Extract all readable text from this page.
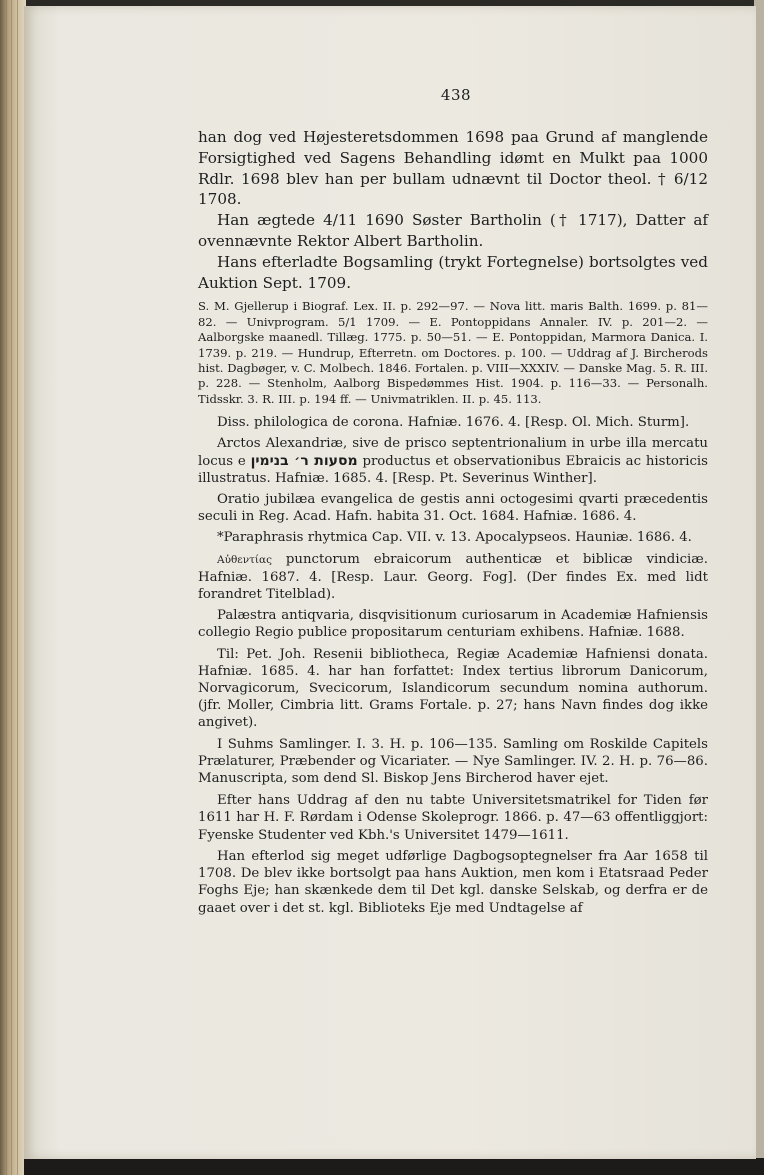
438

han dog ved Højesteretsdommen 1698 paa Grund af manglende Forsigtighed ved Sagens Behandling idømt en Mulkt paa 1000 Rdlr. 1698 blev han per bullam udnævnt til Doctor theol. † 6/12 1708.

Han ægtede 4/11 1690 Søster Bartholin († 1717), Datter af ovennævnte Rektor Albert Bartholin.

Hans efterladte Bogsamling (trykt Fortegnelse) bortsolgtes ved Auktion Sept. 1709.

S. M. Gjellerup i Biograf. Lex. II. p. 292—97. — Nova litt. maris Balth. 1699. p. 81—82. — Univprogram. 5/1 1709. — E. Pontoppidans Annaler. IV. p. 201—2. — Aalborgske maanedl. Tillæg. 1775. p. 50—51. — E. Pontoppidan, Marmora Danica. I. 1739. p. 219. — Hundrup, Efterretn. om Doctores. p. 100. — Uddrag af J. Bircherods hist. Dagbøger, v. C. Molbech. 1846. Fortalen. p. VIII—XXXIV. — Danske Mag. 5. R. III. p. 228. — Stenholm, Aalborg Bispedømmes Hist. 1904. p. 116—33. — Personalh. Tidsskr. 3. R. III. p. 194 ff. — Univmatriklen. II. p. 45. 113.

Diss. philologica de corona. Hafniæ. 1676. 4. [Resp. Ol. Mich. Sturm].

Arctos Alexandriæ, sive de prisco septentrionalium in urbe illa mercatu locus e מסעות ר׳ בנימין productus et observationibus Ebraicis ac historicis illustratus. Hafniæ. 1685. 4. [Resp. Pt. Severinus Winther].

Oratio jubilæa evangelica de gestis anni octogesimi qvarti præcedentis seculi in Reg. Acad. Hafn. habita 31. Oct. 1684. Hafniæ. 1686. 4.

*Paraphrasis rhytmica Cap. VII. v. 13. Apocalypseos. Hauniæ. 1686. 4.

Αὐθεντίας punctorum ebraicorum authenticæ et biblicæ vindiciæ. Hafniæ. 1687. 4. [Resp. Laur. Georg. Fog]. (Der findes Ex. med lidt forandret Titelblad).

Palæstra antiqvaria, disqvisitionum curiosarum in Academiæ Hafniensis collegio Regio publice propositarum centuriam exhibens. Hafniæ. 1688.

Til: Pet. Joh. Resenii bibliotheca, Regiæ Academiæ Hafniensi donata. Hafniæ. 1685. 4. har han forfattet: Index tertius librorum Danicorum, Norvagicorum, Svecicorum, Islandicorum secundum nomina authorum. (jfr. Moller, Cimbria litt. Grams Fortale. p. 27; hans Navn findes dog ikke angivet).

I Suhms Samlinger. I. 3. H. p. 106—135. Samling om Roskilde Capitels Prælaturer, Præbender og Vicariater. — Nye Samlinger. IV. 2. H. p. 76—86. Manuscripta, som dend Sl. Biskop Jens Bircherod haver ejet.

Efter hans Uddrag af den nu tabte Universitetsmatrikel for Tiden før 1611 har H. F. Rørdam i Odense Skoleprogr. 1866. p. 47—63 offentliggjort: Fyenske Studenter ved Kbh.'s Universitet 1479—1611.

Han efterlod sig meget udførlige Dagbogsoptegnelser fra Aar 1658 til 1708. De blev ikke bortsolgt paa hans Auktion, men kom i Etatsraad Peder Foghs Eje; han skænkede dem til Det kgl. danske Selskab, og derfra er de gaaet over i det st. kgl. Biblioteks Eje med Undtagelse af
